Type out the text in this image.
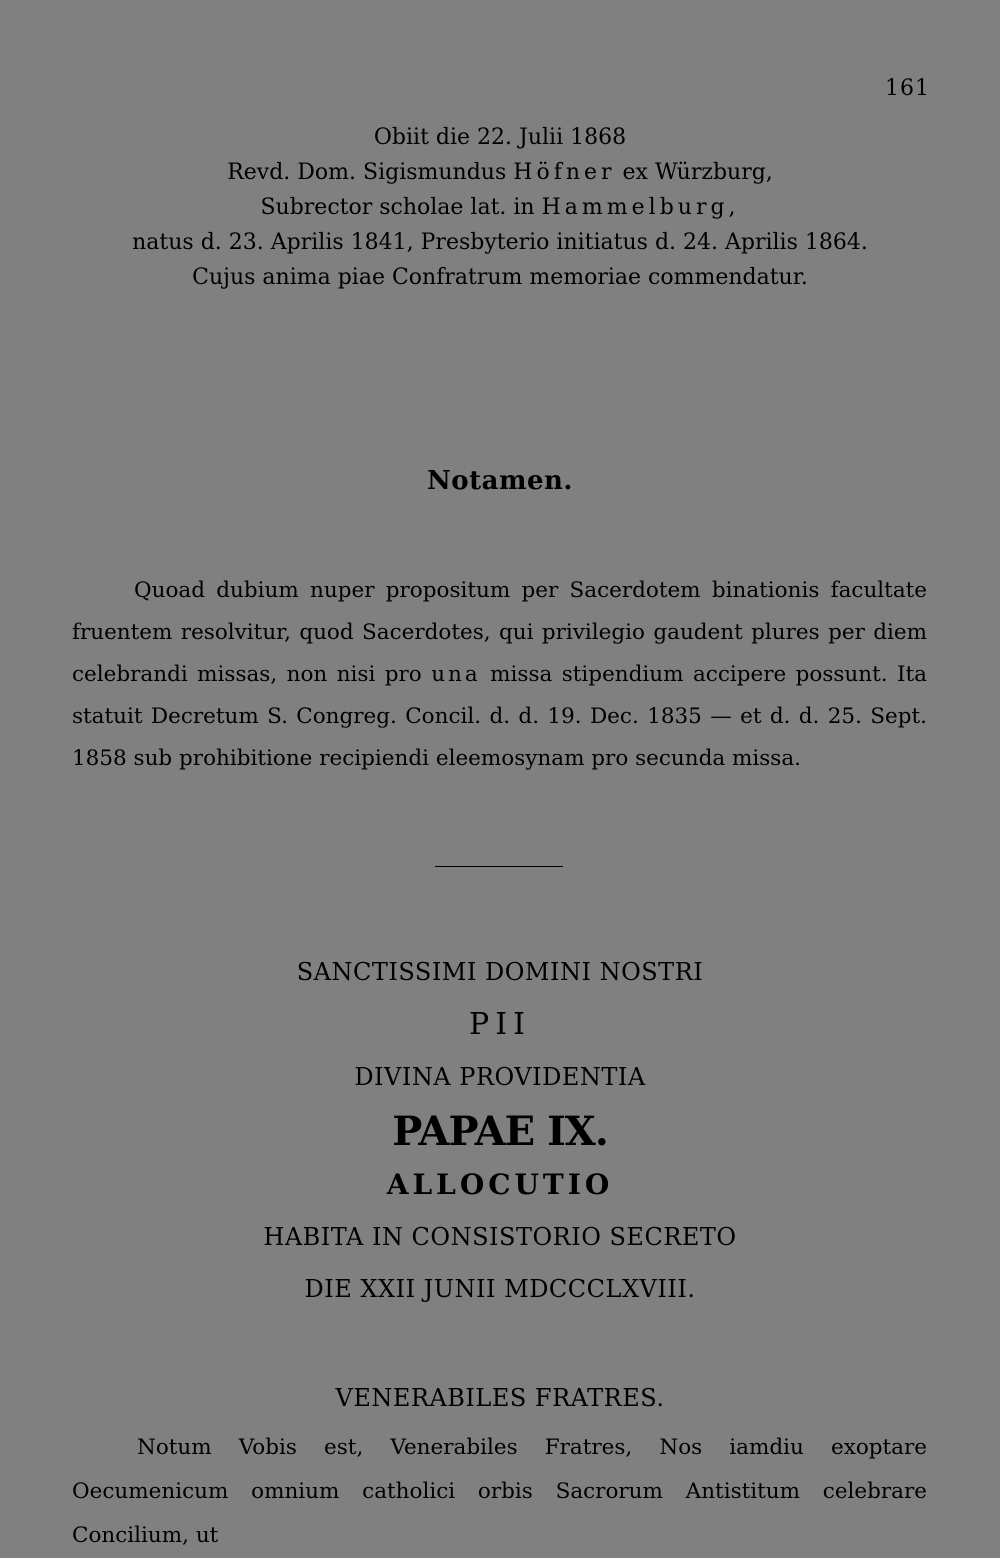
161
Obiit die 22. Julii 1868
Revd. Dom. Sigismundus Höfner ex Würzburg,
Subrector scholae lat. in Hammelburg,
natus d. 23. Aprilis 1841, Presbyterio initiatus d. 24. Aprilis 1864.
Cujus anima piae Confratrum memoriae commendatur.
Notamen.

Quoad dubium nuper propositum per Sacerdotem binationis facultate fruentem resolvitur, quod Sacerdotes, qui privilegio gaudent plures per diem celebrandi missas, non nisi pro una missa stipendium accipere possunt. Ita statuit Decretum S. Congreg. Concil. d. d. 19. Dec. 1835 — et d. d. 25. Sept. 1858 sub prohibitione recipiendi eleemosynam pro secunda missa.

SANCTISSIMI DOMINI NOSTRI
PII
DIVINA PROVIDENTIA
PAPAE IX.
ALLOCUTIO
HABITA IN CONSISTORIO SECRETO
DIE XXII JUNII MDCCCLXVIII.
VENERABILES FRATRES.

Notum Vobis est, Venerabiles Fratres, Nos iamdiu exoptare Oecumenicum omnium catholici orbis Sacrorum Antistitum celebrare Concilium, ut
